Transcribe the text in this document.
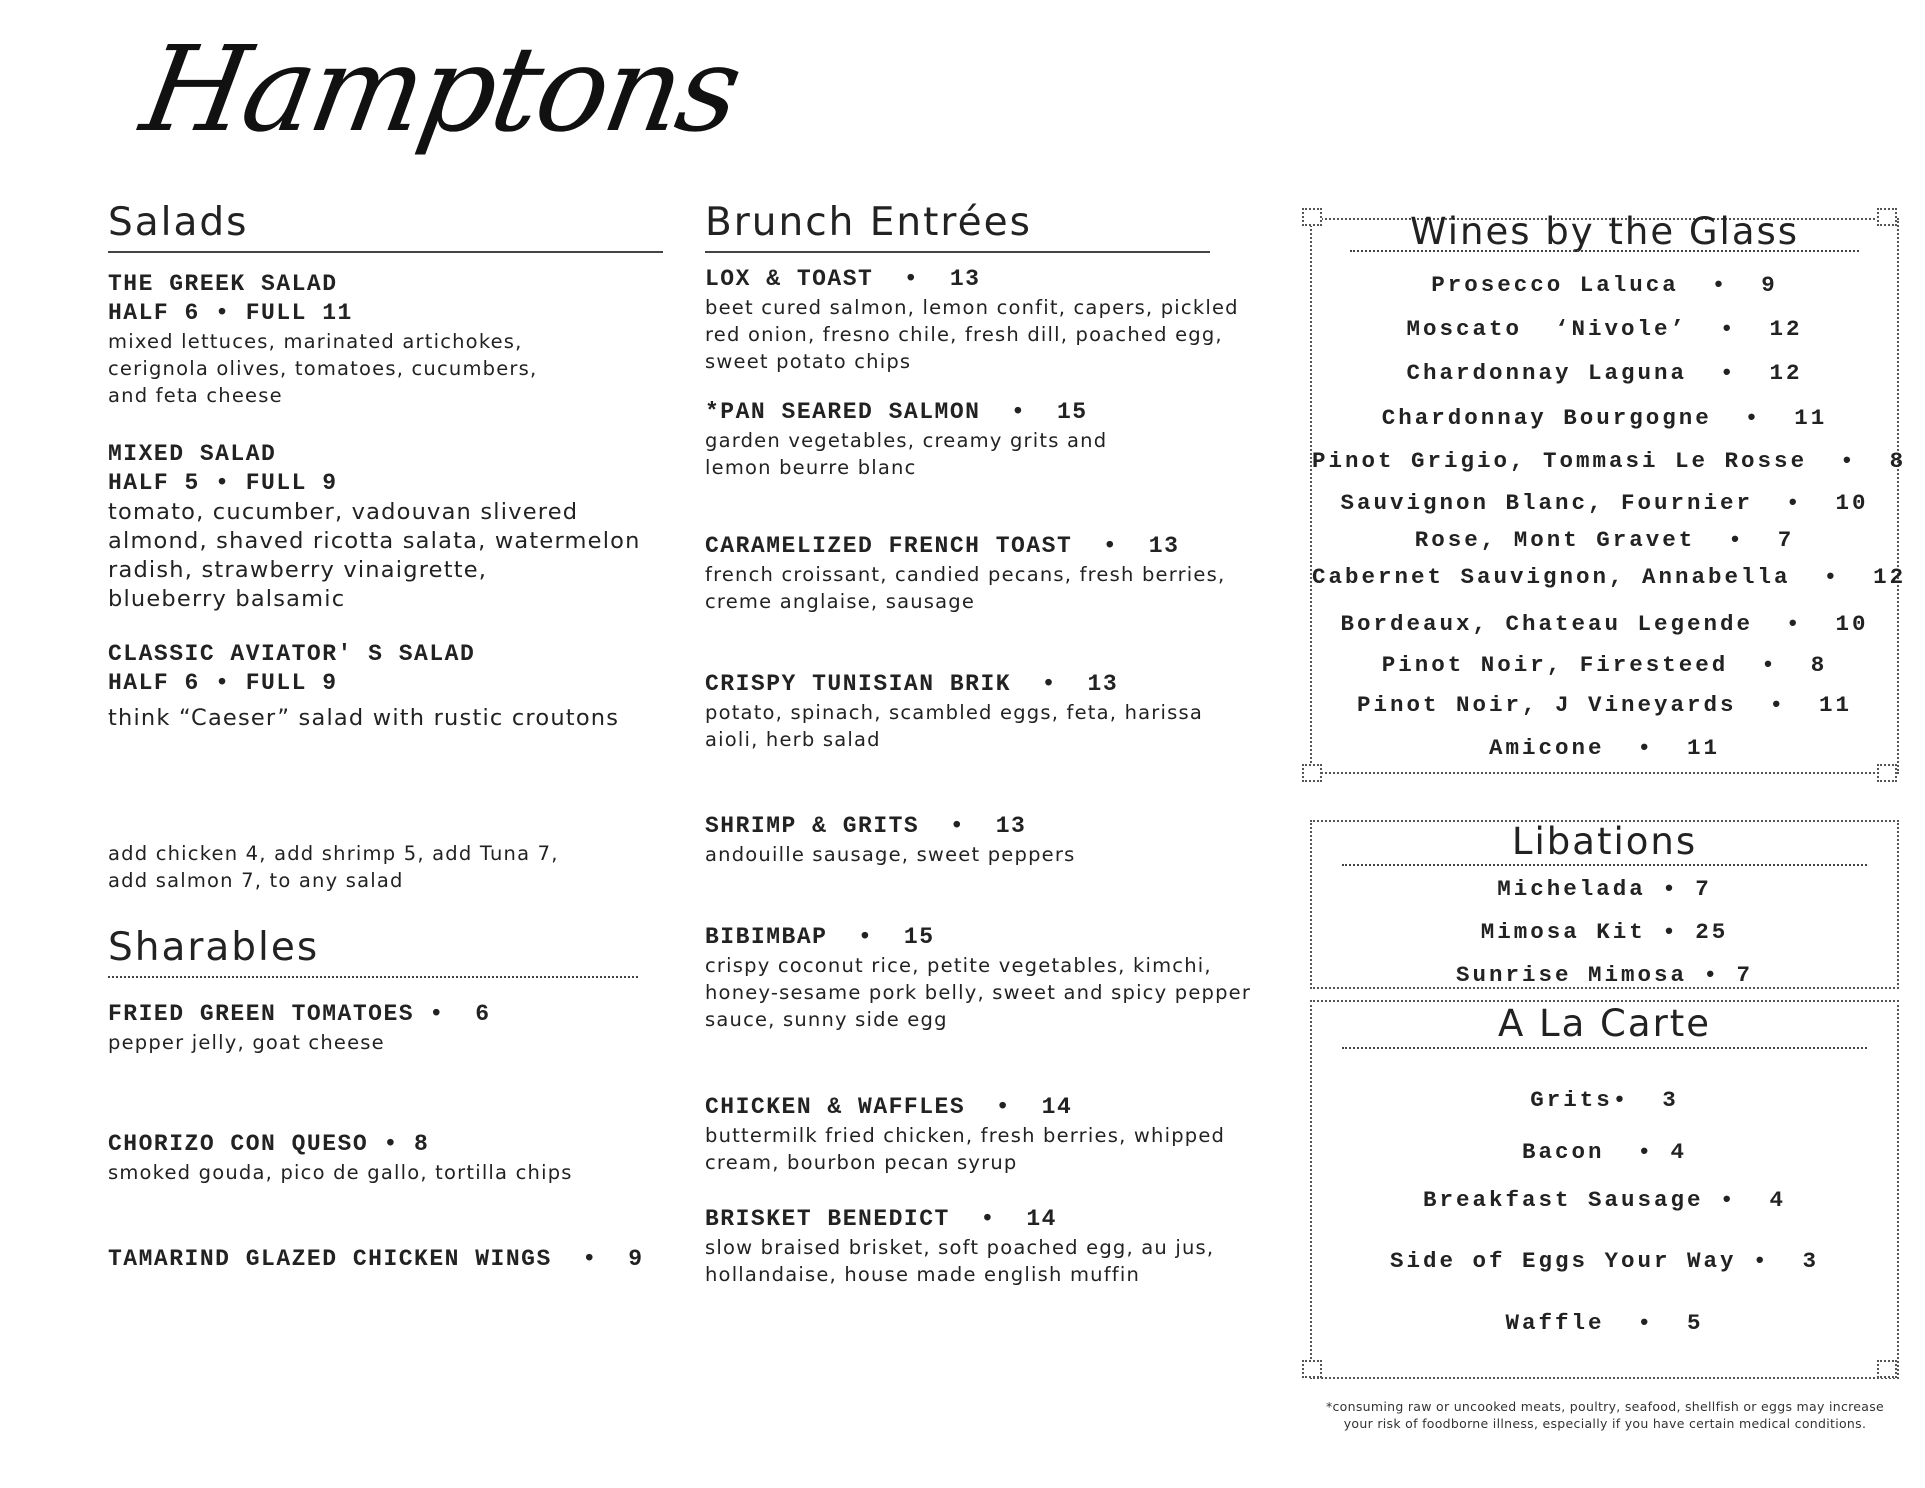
Hamptons
Salads
THE GREEK SALAD
HALF 6 • FULL 11
mixed lettuces, marinated artichokes,
cerignola olives, tomatoes, cucumbers,
and feta cheese
MIXED SALAD
HALF 5 • FULL 9
tomato, cucumber, vadouvan slivered
almond, shaved ricotta salata, watermelon
radish, strawberry vinaigrette,
blueberry balsamic
CLASSIC AVIATOR' S SALAD
HALF 6 • FULL 9
think “Caeser” salad with rustic croutons
add chicken 4, add shrimp 5, add Tuna 7,
add salmon 7, to any salad
Sharables
FRIED GREEN TOMATOES •  6
pepper jelly, goat cheese
CHORIZO CON QUESO • 8
smoked gouda, pico de gallo, tortilla chips
TAMARIND GLAZED CHICKEN WINGS  •  9
Brunch Entrées
LOX & TOAST  •  13
beet cured salmon, lemon confit, capers, pickled
red onion, fresno chile, fresh dill, poached egg,
sweet potato chips
*PAN SEARED SALMON  •  15
garden vegetables, creamy grits and
lemon beurre blanc
CARAMELIZED FRENCH TOAST  •  13
french croissant, candied pecans, fresh berries,
creme anglaise, sausage
CRISPY TUNISIAN BRIK  •  13
potato, spinach, scambled eggs, feta, harissa
aioli, herb salad
SHRIMP & GRITS  •  13
andouille sausage, sweet peppers
BIBIMBAP  •  15
crispy coconut rice, petite vegetables, kimchi,
honey-sesame pork belly, sweet and spicy pepper
sauce, sunny side egg
CHICKEN & WAFFLES  •  14
buttermilk fried chicken, fresh berries, whipped
cream, bourbon pecan syrup
BRISKET BENEDICT  •  14
slow braised brisket, soft poached egg, au jus,
hollandaise, house made english muffin
Wines by the Glass
Prosecco Laluca  •  9
Moscato  ‘Nivole’  •  12
Chardonnay Laguna  •  12
Chardonnay Bourgogne  •  11
Pinot Grigio, Tommasi Le Rosse  •  8
Sauvignon Blanc, Fournier  •  10
Rose, Mont Gravet  •  7
Cabernet Sauvignon, Annabella  •  12
Bordeaux, Chateau Legende  •  10
Pinot Noir, Firesteed  •  8
Pinot Noir, J Vineyards  •  11
Amicone  •  11
Libations
Michelada • 7
Mimosa Kit • 25
Sunrise Mimosa • 7
A La Carte
Grits•  3
Bacon  • 4
Breakfast Sausage •  4
Side of Eggs Your Way •  3
Waffle  •  5
*consuming raw or uncooked meats, poultry, seafood, shellfish or eggs may increase
your risk of foodborne illness, especially if you have certain medical conditions.
